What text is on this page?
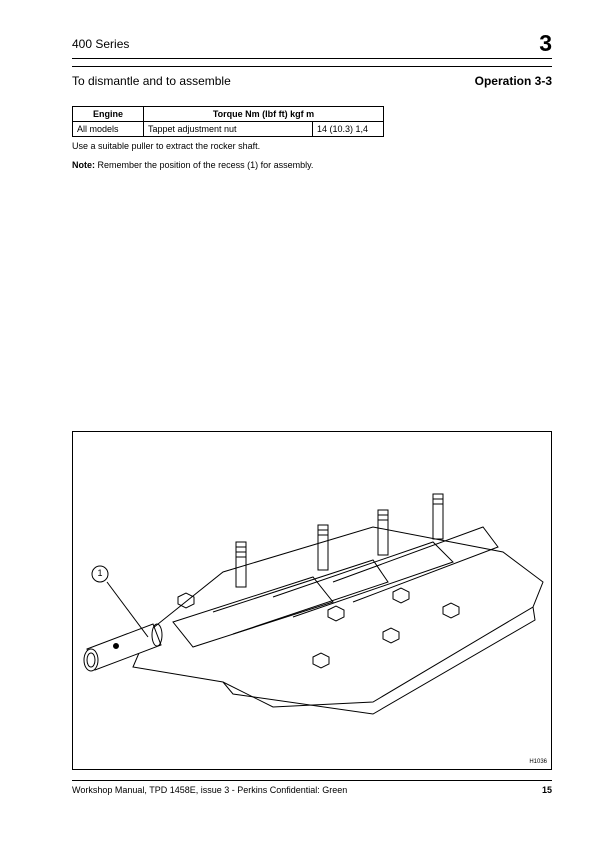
400 Series	3
To dismantle and to assemble	Operation 3-3
Engine	Torque Nm (lbf ft) kgf m	
All models	Tappet adjustment nut	14 (10.3) 1,4
Use a suitable puller to extract the rocker shaft.
Note: Remember the position of the recess (1) for assembly.
1
H1036
Workshop Manual, TPD 1458E, issue 3 - Perkins Confidential: Green	15
